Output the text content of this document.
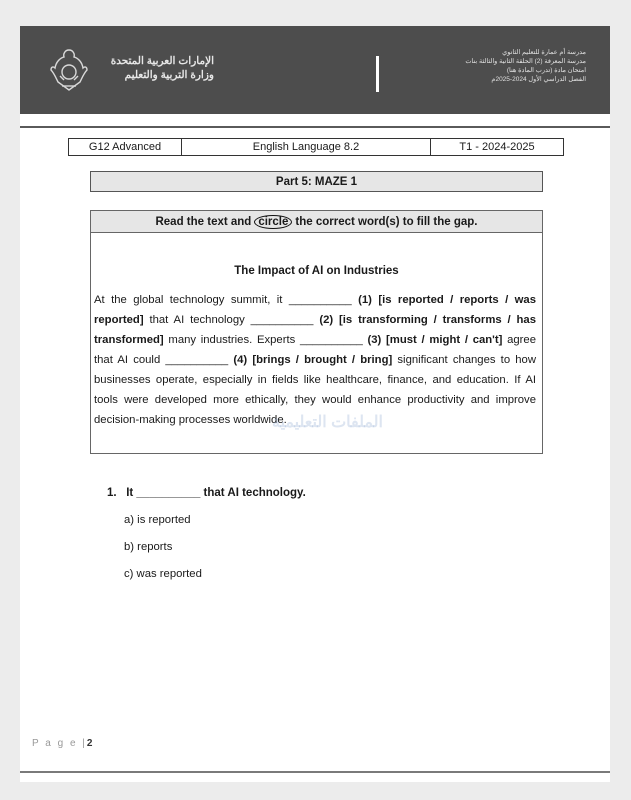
الإمارات العربية المتحدة
وزارة التربية والتعليم
مدرسة أم عمارة للتعليم الثانوي
مدرسة المعرفة (2) الحلقة الثانية والثالثة بنات
امتحان مادة (تدرب المادة هنا)
الفصل الدراسي الأول 2024-2025م
G12 Advanced	English Language 8.2	T1 - 2024-2025
Part 5: MAZE 1
Read the text and circle the correct word(s) to fill the gap.
The Impact of AI on Industries
At the global technology summit, it __________ (1) [is reported / reports / was reported] that AI technology __________ (2) [is transforming / transforms / has transformed] many industries. Experts __________ (3) [must / might / can't] agree that AI could __________ (4) [brings / brought / bring] significant changes to how businesses operate, especially in fields like healthcare, finance, and education. If AI tools were developed more ethically, they would enhance productivity and improve decision-making processes worldwide.
الملفات التعليمية
1. It __________ that AI technology.
a) is reported
b) reports
c) was reported
P a g e |2
